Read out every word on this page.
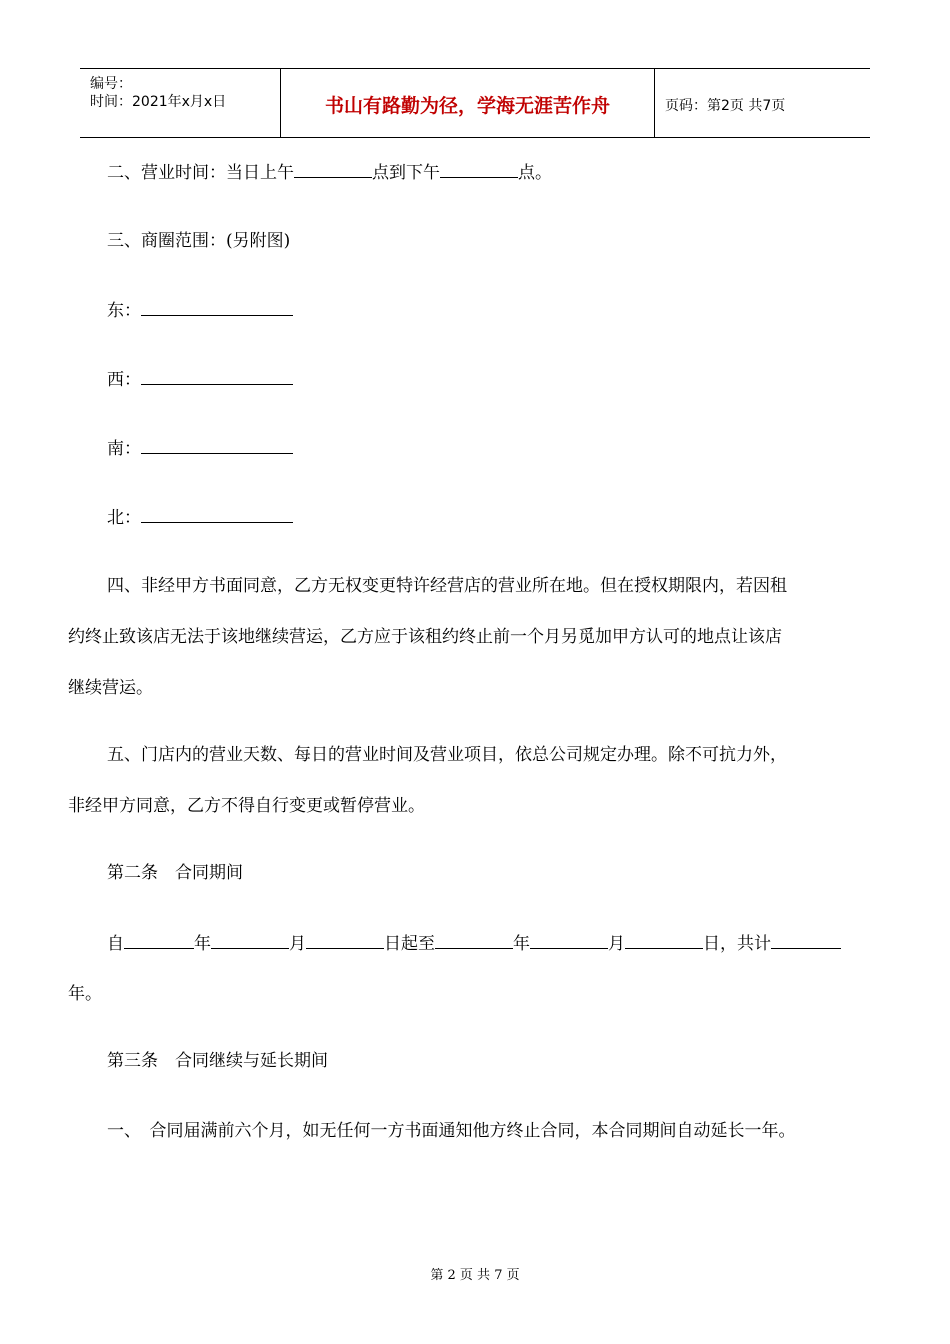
编号：
时间：2021年x月x日	书山有路勤为径，学海无涯苦作舟	页码：第2页 共7页
二、营业时间：当日上午	点到下午	点。
三、商圈范围：(另附图)
东：
西：
南：
北：
四、非经甲方书面同意，乙方无权变更特许经营店的营业所在地。但在授权期限内，若因租
约终止致该店无法于该地继续营运，乙方应于该租约终止前一个月另觅加甲方认可的地点让该店
继续营运。
五、门店内的营业天数、每日的营业时间及营业项目，依总公司规定办理。除不可抗力外，
非经甲方同意，乙方不得自行变更或暂停营业。
第二条　合同期间
自	年	月	日起至	年	月	日，共计
年。
第三条　合同继续与延长期间
一、　合同届满前六个月，如无任何一方书面通知他方终止合同，本合同期间自动延长一年。
第 2 页 共 7 页
